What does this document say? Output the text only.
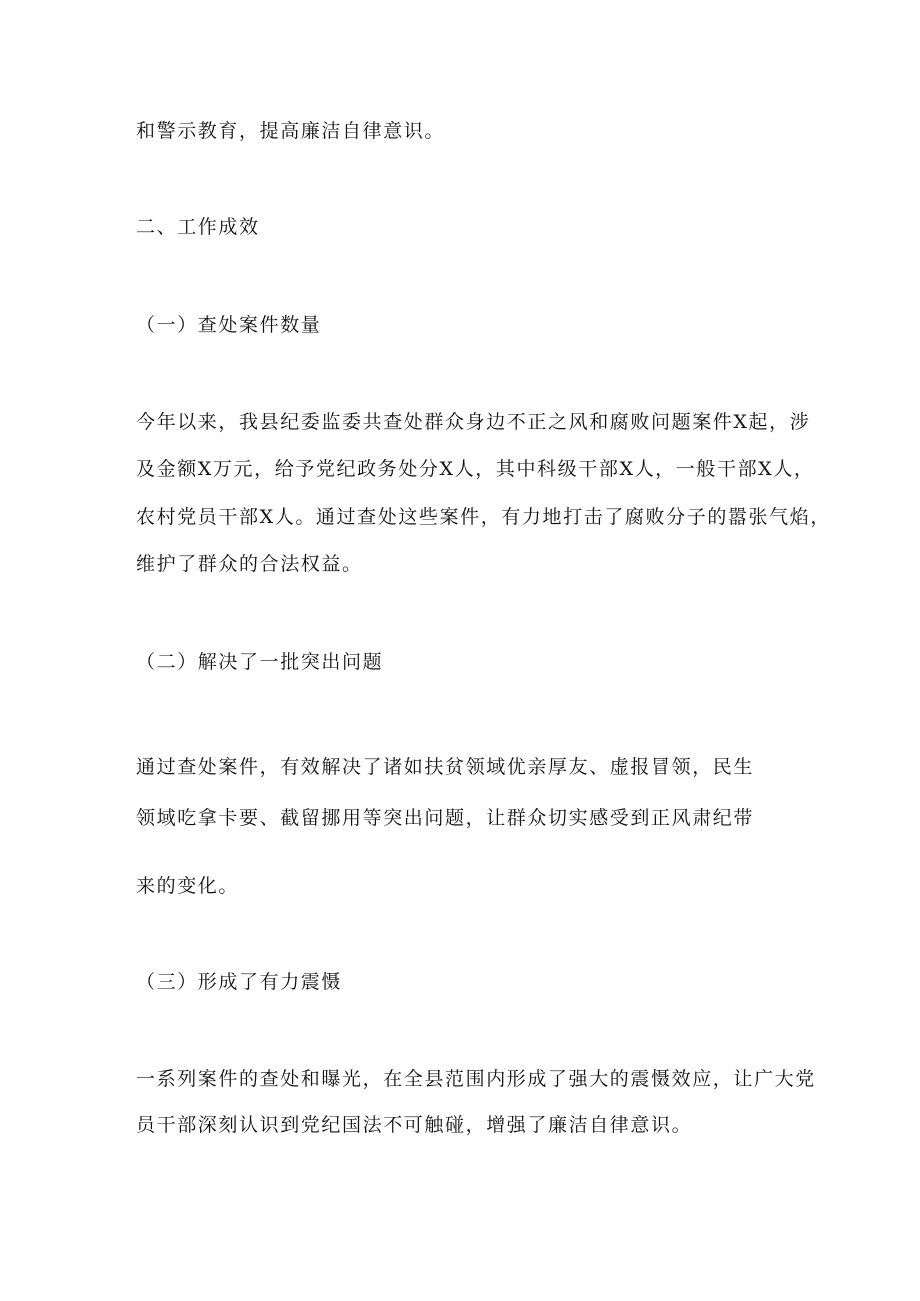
和警示教育，提高廉洁自律意识。
二、工作成效
（一）查处案件数量
今年以来，我县纪委监委共查处群众身边不正之风和腐败问题案件X起，涉
及金额X万元，给予党纪政务处分X人，其中科级干部X人，一般干部X人，
农村党员干部X人。通过查处这些案件，有力地打击了腐败分子的嚣张气焰，
维护了群众的合法权益。
（二）解决了一批突出问题
通过查处案件，有效解决了诸如扶贫领域优亲厚友、虚报冒领，民生
领域吃拿卡要、截留挪用等突出问题，让群众切实感受到正风肃纪带
来的变化。
（三）形成了有力震慑
一系列案件的查处和曝光，在全县范围内形成了强大的震慑效应，让广大党
员干部深刻认识到党纪国法不可触碰，增强了廉洁自律意识。
